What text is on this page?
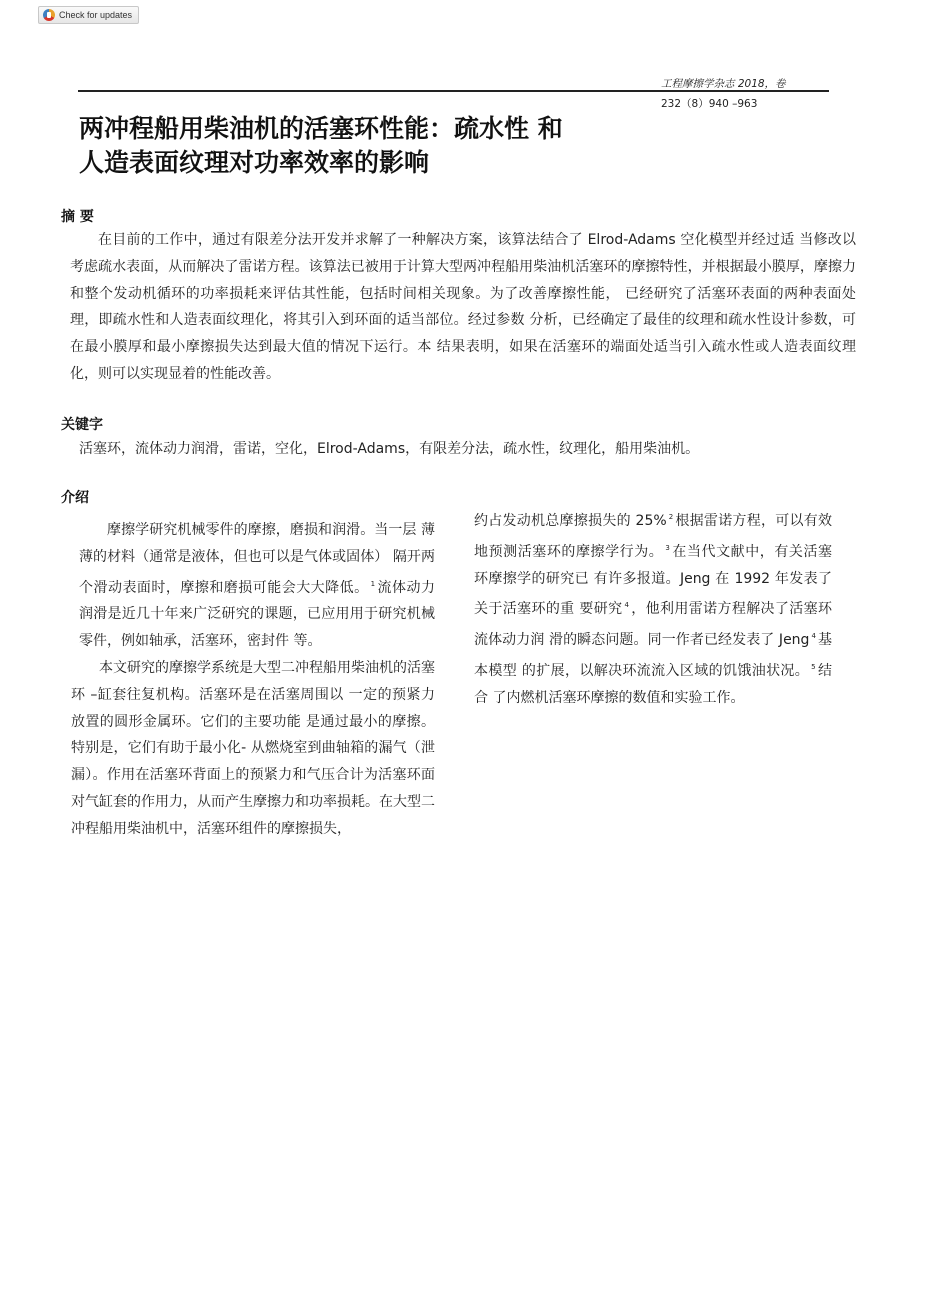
Check for updates
工程摩擦学杂志 2018，卷
232（8）940 –963
两冲程船用柴油机的活塞环性能：疏水性 和人造表面纹理对功率效率的影响
摘 要

在目前的工作中，通过有限差分法开发并求解了一种解决方案，该算法结合了 Elrod-Adams 空化模型并经过适 当修改以考虑疏水表面，从而解决了雷诺方程。该算法已被用于计算大型两冲程船用柴油机活塞环的摩擦特性，并根据最小膜厚，摩擦力和整个发动机循环的功率损耗来评估其性能，包括时间相关现象。为了改善摩擦性能， 已经研究了活塞环表面的两种表面处理，即疏水性和人造表面纹理化，将其引入到环面的适当部位。经过参数 分析，已经确定了最佳的纹理和疏水性设计参数，可在最小膜厚和最小摩擦损失达到最大值的情况下运行。本 结果表明，如果在活塞环的端面处适当引入疏水性或人造表面纹理化，则可以实现显着的性能改善。

关键字

活塞环，流体动力润滑，雷诺，空化，Elrod-Adams，有限差分法，疏水性，纹理化，船用柴油机。

介绍

摩擦学研究机械零件的摩擦，磨损和润滑。当一层 薄薄的材料（通常是液体，但也可以是气体或固体） 隔开两个滑动表面时，摩擦和磨损可能会大大降低。 $^1$ 流体动力润滑是近几十年来广泛研究的课题，已应用用于研究机械零件，例如轴承，活塞环，密封件 等。

本文研究的摩擦学系统是大型二冲程船用柴油机的活塞环 –缸套往复机构。活塞环是在活塞周围以 一定的预紧力放置的圆形金属环。它们的主要功能 是通过最小的摩擦。特别是，它们有助于最小化- 从燃烧室到曲轴箱的漏气（泄漏）。作用在活塞环背面上的预紧力和气压合计为活塞环面对气缸套的作用力，从而产生摩擦力和功率损耗。在大型二冲程船用柴油机中，活塞环组件的摩擦损失，

约占发动机总摩擦损失的 25% $^2$ 根据雷诺方程，可以有效地预测活塞环的摩擦学行为。 $^3$ 在当代文献中，有关活塞环摩擦学的研究已 有许多报道。Jeng 在 1992 年发表了关于活塞环的重 要研究 $^4$ ，他利用雷诺方程解决了活塞环流体动力润 滑的瞬态问题。同一作者已经发表了 Jeng $^4$ 基本模型 的扩展，以解决环流流入区域的饥饿油状况。 $^5$ 结合 了内燃机活塞环摩擦的数值和实验工作。
